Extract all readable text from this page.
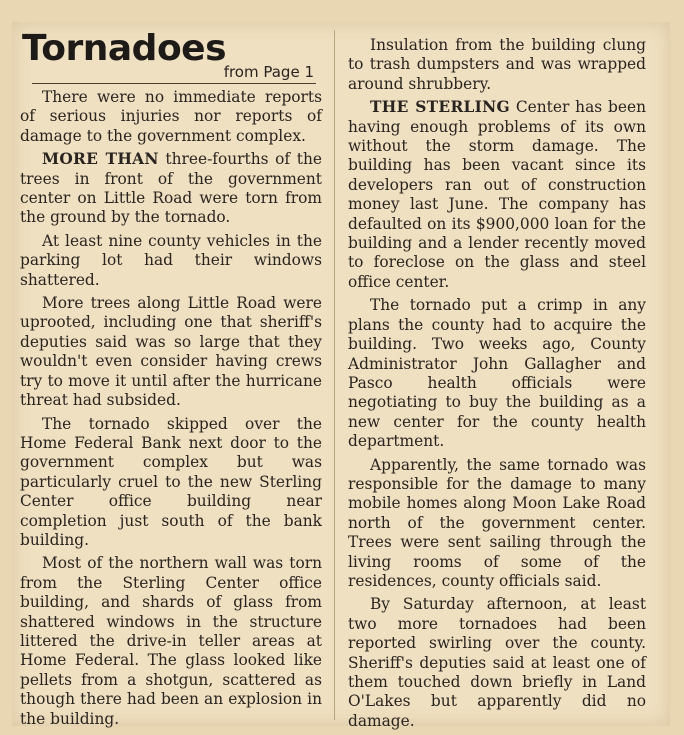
Tornadoes
from Page 1

There were no immediate reports of serious injuries nor reports of damage to the government complex.

MORE THAN three-fourths of the trees in front of the government center on Little Road were torn from the ground by the tornado.

At least nine county vehicles in the parking lot had their windows shattered.

More trees along Little Road were uprooted, including one that sheriff's deputies said was so large that they wouldn't even consider having crews try to move it until after the hurricane threat had subsided.

The tornado skipped over the Home Federal Bank next door to the government complex but was particularly cruel to the new Sterling Center office building near completion just south of the bank building.

Most of the northern wall was torn from the Sterling Center office building, and shards of glass from shattered windows in the structure littered the drive-in teller areas at Home Federal. The glass looked like pellets from a shotgun, scattered as though there had been an explosion in the building.

Insulation from the building clung to trash dumpsters and was wrapped around shrubbery.

THE STERLING Center has been having enough problems of its own without the storm damage. The building has been vacant since its developers ran out of construction money last June. The company has defaulted on its $900,000 loan for the building and a lender recently moved to foreclose on the glass and steel office center.

The tornado put a crimp in any plans the county had to acquire the building. Two weeks ago, County Administrator John Gallagher and Pasco health officials were negotiating to buy the building as a new center for the county health department.

Apparently, the same tornado was responsible for the damage to many mobile homes along Moon Lake Road north of the government center. Trees were sent sailing through the living rooms of some of the residences, county officials said.

By Saturday afternoon, at least two more tornadoes had been reported swirling over the county. Sheriff's deputies said at least one of them touched down briefly in Land O'Lakes but apparently did no damage.
